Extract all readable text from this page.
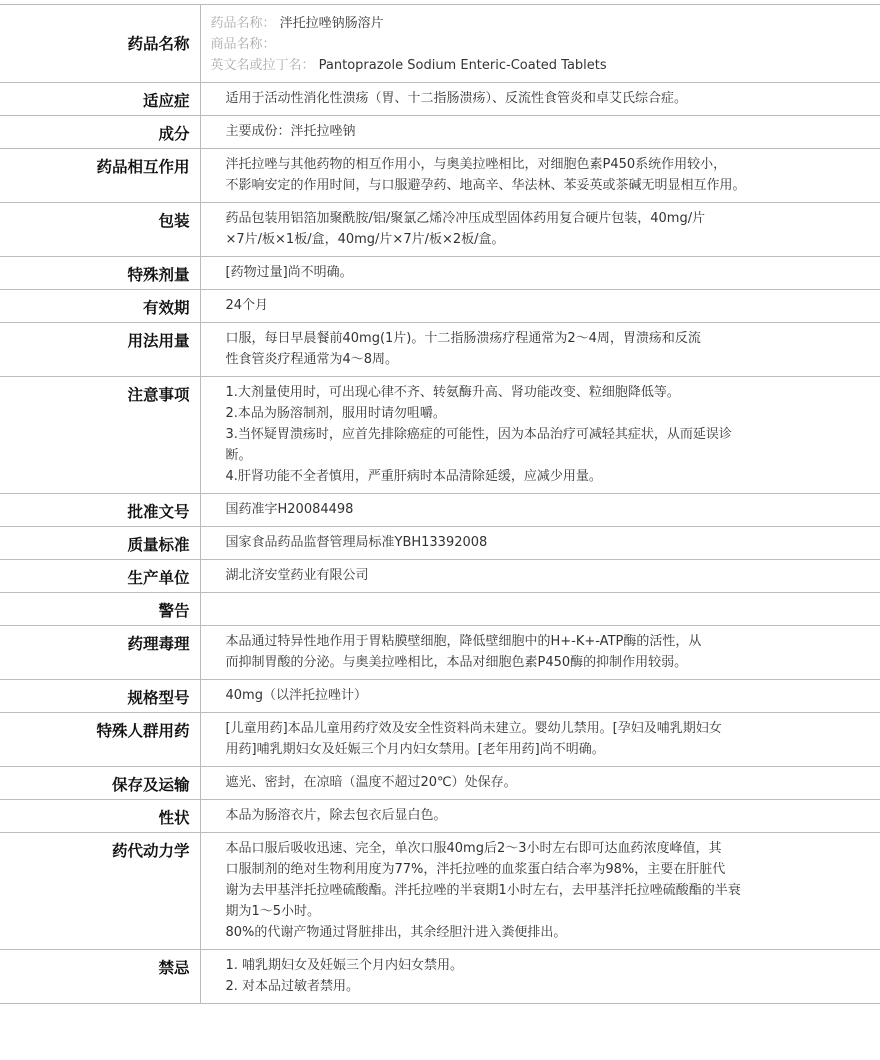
药品名称	药品名称： 泮托拉唑钠肠溶片
商品名称：
英文名或拉丁名： Pantoprazole Sodium Enteric-Coated Tablets

适应症	适用于活动性消化性溃疡（胃、十二指肠溃疡）、反流性食管炎和卓艾氏综合症。

成分	主要成份：泮托拉唑钠

药品相互作用	泮托拉唑与其他药物的相互作用小，与奥美拉唑相比，对细胞色素P450系统作用较小，
不影响安定的作用时间，与口服避孕药、地高辛、华法林、苯妥英或茶碱无明显相互作用。

包装	药品包装用铝箔加聚酰胺/铝/聚氯乙烯冷冲压成型固体药用复合硬片包装，40mg/片
×7片/板×1板/盒，40mg/片×7片/板×2板/盒。

特殊剂量	[药物过量]尚不明确。

有效期	24个月

用法用量	口服，每日早晨餐前40mg(1片)。十二指肠溃疡疗程通常为2～4周，胃溃疡和反流
性食管炎疗程通常为4～8周。

注意事项	1.大剂量使用时，可出现心律不齐、转氨酶升高、肾功能改变、粒细胞降低等。
2.本品为肠溶制剂，服用时请勿咀嚼。
3.当怀疑胃溃疡时，应首先排除癌症的可能性，因为本品治疗可减轻其症状，从而延误诊
断。
4.肝肾功能不全者慎用，严重肝病时本品清除延缓，应减少用量。

批准文号	国药准字H20084498

质量标准	国家食品药品监督管理局标准YBH13392008

生产单位	湖北济安堂药业有限公司

警告	

药理毒理	本品通过特异性地作用于胃粘膜壁细胞，降低壁细胞中的H+-K+-ATP酶的活性，从
而抑制胃酸的分泌。与奥美拉唑相比，本品对细胞色素P450酶的抑制作用较弱。

规格型号	40mg（以泮托拉唑计）

特殊人群用药	[儿童用药]本品儿童用药疗效及安全性资料尚未建立。婴幼儿禁用。[孕妇及哺乳期妇女
用药]哺乳期妇女及妊娠三个月内妇女禁用。[老年用药]尚不明确。

保存及运输	遮光、密封，在凉暗（温度不超过20℃）处保存。

性状	本品为肠溶衣片，除去包衣后显白色。

药代动力学	本品口服后吸收迅速、完全，单次口服40mg后2～3小时左右即可达血药浓度峰值，其
口服制剂的绝对生物利用度为77%，泮托拉唑的血浆蛋白结合率为98%，主要在肝脏代
谢为去甲基泮托拉唑硫酸酯。泮托拉唑的半衰期1小时左右，去甲基泮托拉唑硫酸酯的半衰
期为1～5小时。
80%的代谢产物通过肾脏排出，其余经胆汁进入粪便排出。

禁忌	1. 哺乳期妇女及妊娠三个月内妇女禁用。
2. 对本品过敏者禁用。
